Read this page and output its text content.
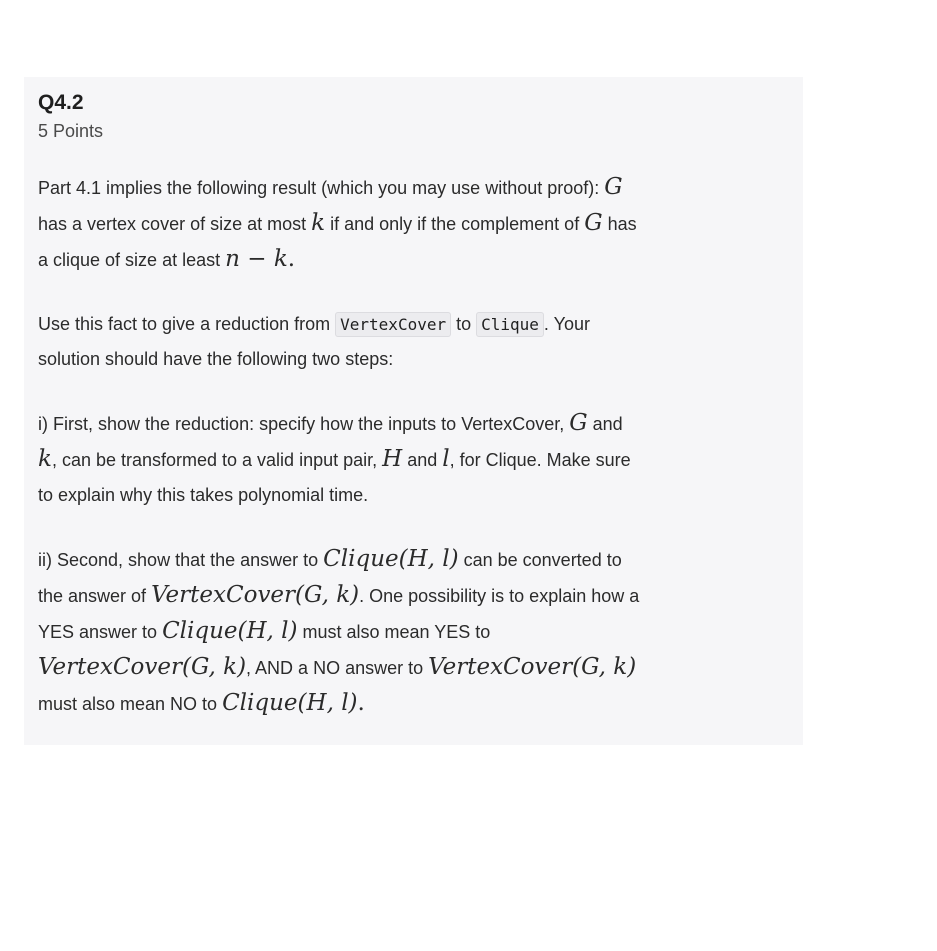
Q4.2
5 Points
Part 4.1 implies the following result (which you may use without proof): G
has a vertex cover of size at most k if and only if the complement of G has
a clique of size at least n − k.
Use this fact to give a reduction from VertexCover to Clique . Your
solution should have the following two steps:
i) First, show the reduction: specify how the inputs to VertexCover, G and
k, can be transformed to a valid input pair, H and l, for Clique. Make sure
to explain why this takes polynomial time.
ii) Second, show that the answer to Clique(H, l) can be converted to
the answer of VertexCover(G, k). One possibility is to explain how a
YES answer to Clique(H, l) must also mean YES to
VertexCover(G, k), AND a NO answer to VertexCover(G, k)
must also mean NO to Clique(H, l).
